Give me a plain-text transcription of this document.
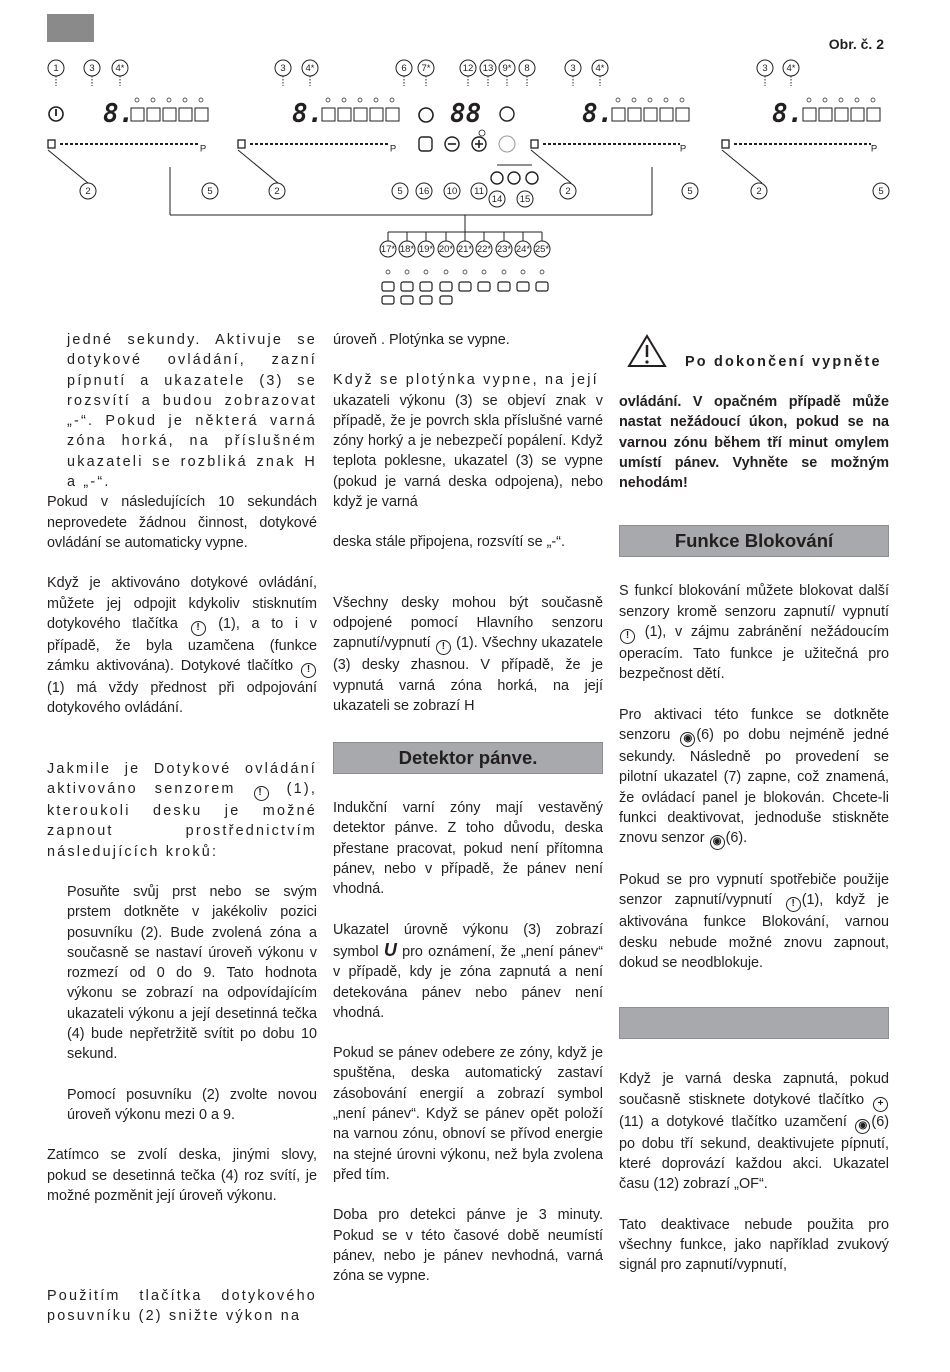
Obr. č. 2
1	3 4*	3 4*	6 7*	12 13 9* 8	3 4*	3 4*
2	5	2	5 16 10 11	2	5	2	5
14 15
8.	8.	8.	8.
88
P	P	P	P
17* 18* 19* 20* 21* 22* 23* 24* 25*

jedné sekundy. Aktivuje se dotykové ovládání, zazní pípnutí a ukazatele (3) se rozsvítí a budou zobrazovat „-“. Pokud je některá varná zóna horká, na příslušném ukazateli se rozbliká znak H a „-“.

Pokud v následujících 10 sekundách neprovedete žádnou činnost, dotykové ovládání se automaticky vypne.

Když je aktivováno dotykové ovládání, můžete jej odpojit kdykoliv stisknutím dotykového tlačítka ! (1), a to i v případě, že byla uzamčena (funkce zámku aktivována). Dotykové tlačítko !(1) má vždy přednost při odpojování dotykového ovládání.

Jakmile je Dotykové ovládání aktivováno senzorem ! (1), kteroukoli desku je možné zapnout prostřednictvím následujících kroků:

Posuňte svůj prst nebo se svým prstem dotkněte v jakékoliv pozici posuvníku (2). Bude zvolená zóna a současně se nastaví úroveň výkonu v rozmezí od 0 do 9. Tato hodnota výkonu se zobrazí na odpovídajícím ukazateli výkonu a její desetinná tečka (4) bude nepřetržitě svítit po dobu 10 sekund.

Pomocí posuvníku (2) zvolte novou úroveň výkonu mezi 0 a 9.

Zatímco se zvolí deska, jinými slovy, pokud se desetinná tečka (4) roz svítí, je možné pozměnit její úroveň výkonu.

Použitím tlačítka dotykového posuvníku (2) snižte výkon na

úroveň . Plotýnka se vypne.

Když se plotýnka vypne, na její

ukazateli výkonu (3) se objeví znak v případě, že je povrch skla příslušné varné zóny horký a je nebezpečí popálení. Když teplota poklesne, ukazatel (3) se vypne (pokud je varná deska odpojena), nebo když je varná

deska stále připojena, rozsvítí se „-“.

Všechny desky mohou být současně odpojené pomocí Hlavního senzoru zapnutí/vypnutí ! (1). Všechny ukazatele (3) desky zhasnou. V případě, že je vypnutá varná zóna horká, na její ukazateli se zobrazí H

Detektor pánve.

Indukční varní zóny mají vestavěný detektor pánve. Z toho důvodu, deska přestane pracovat, pokud není přítomna pánev, nebo v případě, že pánev není vhodná.

Ukazatel úrovně výkonu (3) zobrazí symbol U pro oznámení, že „není pánev“ v případě, kdy je zóna zapnutá a není detekována pánev nebo pánev není vhodná.

Pokud se pánev odebere ze zóny, když je spuštěna, deska automatický zastaví zásobování energií a zobrazí symbol „není pánev“. Když se pánev opět položí na varnou zónu, obnoví se přívod energie na stejné úrovni výkonu, než byla zvolena před tím.

Doba pro detekci pánve je 3 minuty. Pokud se v této časové době neumístí pánev, nebo je pánev nevhodná, varná zóna se vypne.

Po dokončení vypněte

ovládání. V opačném případě může nastat nežádoucí úkon, pokud se na varnou zónu během tří minut omylem umístí pánev. Vyhněte se možným nehodám!

Funkce Blokování

S funkcí blokování můžete blokovat další senzory kromě senzoru zapnutí/ vypnutí ! (1), v zájmu zabránění nežádoucím operacím. Tato funkce je užitečná pro bezpečnost dětí.

Pro aktivaci této funkce se dotkněte senzoru ◉ (6) po dobu nejméně jedné sekundy. Následně po provedení se pilotní ukazatel (7) zapne, což znamená, že ovládací panel je blokován. Chcete-li funkci deaktivovat, jednoduše stiskněte znovu senzor ◉ (6).

Pokud se pro vypnutí spotřebiče použije senzor zapnutí/vypnutí ! (1), když je aktivována funkce Blokování, varnou desku nebude možné znovu zapnout, dokud se neodblokuje.

Když je varná deska zapnutá, pokud současně stisknete dotykové tlačítko + (11) a dotykové tlačítko uzamčení ◉ (6) po dobu tří sekund, deaktivujete pípnutí, které doprovází každou akci. Ukazatel času (12) zobrazí „OF“.

Tato deaktivace nebude použita pro všechny funkce, jako například zvukový signál pro zapnutí/vypnutí,
